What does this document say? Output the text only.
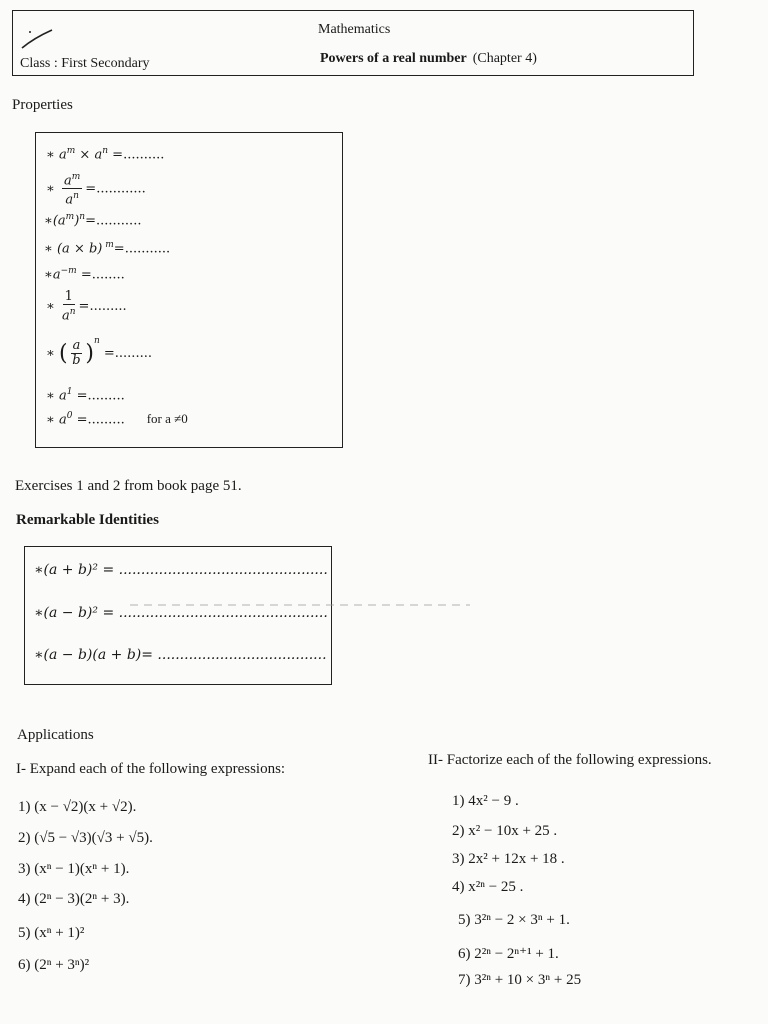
Mathematics
Class : First Secondary	Powers of a real number (Chapter 4)
Properties
∗ $a^m \times a^n$ =..........
∗ $\frac{a^m}{a^n}$ =............
$∗(a^m)^n=$...........
∗ (a × b) $^m$=...........
$∗a^{-m}$ =........
∗ $\frac{1}{a^n}$ =.........
∗ ( $\frac{a}{b} )^n$ =.........
∗ $a^1$ =.........
∗ $a^0$ =......... for a ≠0
Exercises 1 and 2 from book page 51.
Remarkable Identities
∗(a + b)² = ...............................................
∗(a − b)² = ...............................................
∗(a − b)(a + b)= ......................................
Applications
I- Expand each of the following expressions:
II- Factorize each of the following expressions.
1) (x − √2)(x + √2).
2) (√5 − √3)(√3 + √5).
3) (xⁿ − 1)(xⁿ + 1).
4) (2ⁿ − 3)(2ⁿ + 3).
5) (xⁿ + 1)²
6) (2ⁿ + 3ⁿ)²
1) 4x² − 9 .
2) x² − 10x + 25 .
3) 2x² + 12x + 18 .
4) x²ⁿ − 25 .
5) 3²ⁿ − 2 × 3ⁿ + 1.
6) 2²ⁿ − 2ⁿ⁺¹ + 1.
7) 3²ⁿ + 10 × 3ⁿ + 25
